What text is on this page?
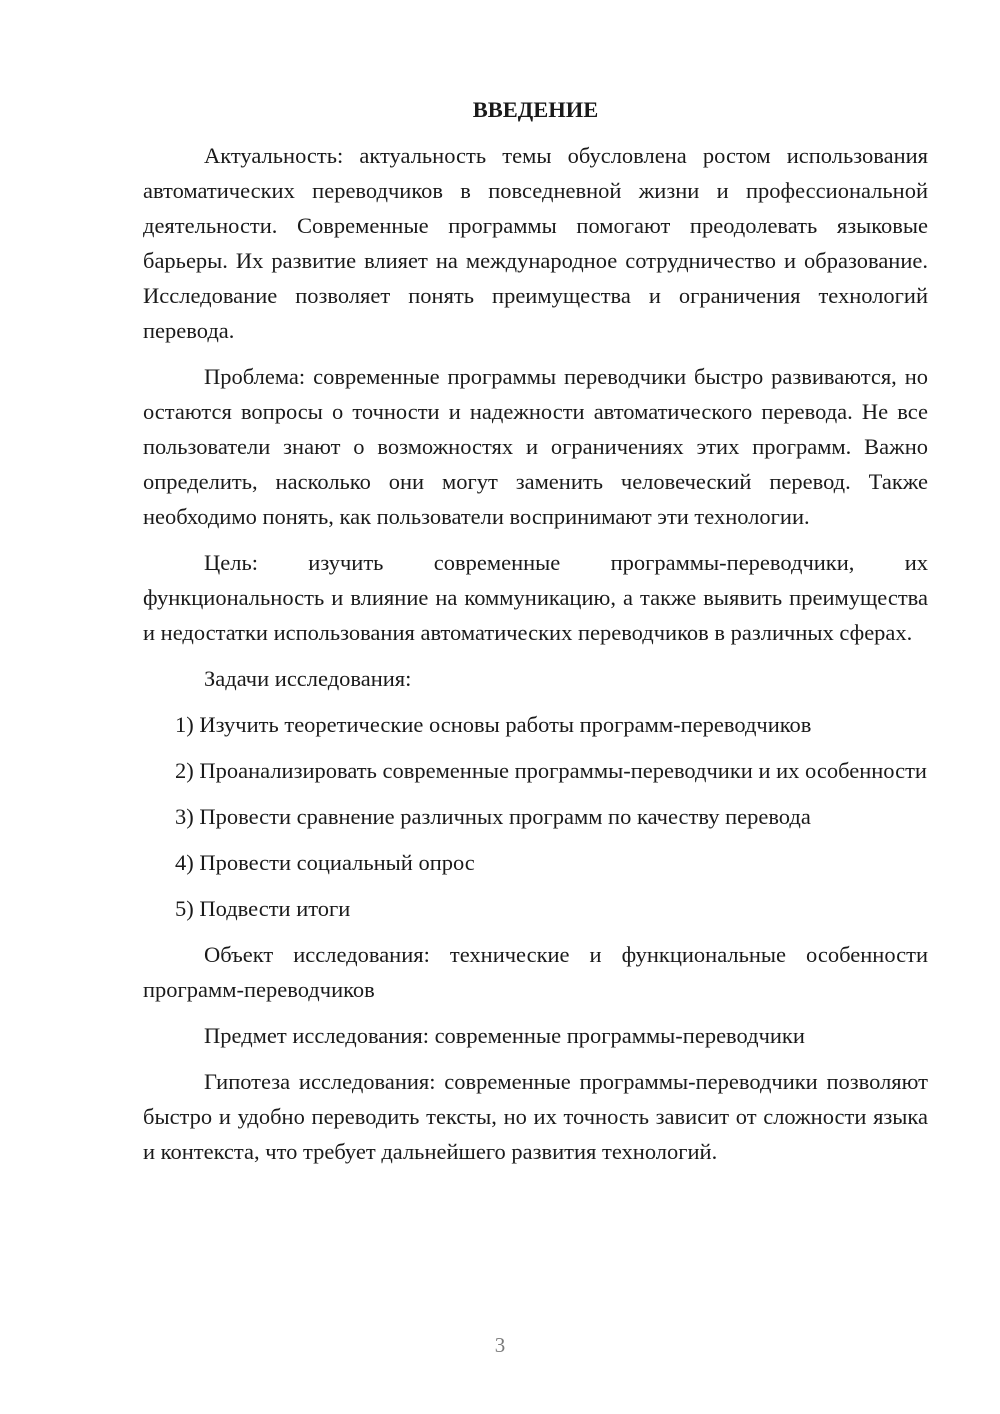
ВВЕДЕНИЕ

Актуальность: актуальность темы обусловлена ростом использования автоматических переводчиков в повседневной жизни и профессиональной деятельности. Современные программы помогают преодолевать языковые барьеры. Их развитие влияет на международное сотрудничество и образование. Исследование позволяет понять преимущества и ограничения технологий перевода.

Проблема: современные программы переводчики быстро развиваются, но остаются вопросы о точности и надежности автоматического перевода. Не все пользователи знают о возможностях и ограничениях этих программ. Важно определить, насколько они могут заменить человеческий перевод. Также необходимо понять, как пользователи воспринимают эти технологии.

Цель: изучить современные программы-переводчики, их функциональность и влияние на коммуникацию, а также выявить преимущества и недостатки использования автоматических переводчиков в различных сферах.

Задачи исследования:

1) Изучить теоретические основы работы программ-переводчиков

2) Проанализировать современные программы-переводчики и их особенности

3) Провести сравнение различных программ по качеству перевода

4) Провести социальный опрос

5) Подвести итоги

Объект исследования: технические и функциональные особенности программ-переводчиков

Предмет исследования: современные программы-переводчики

Гипотеза исследования: современные программы-переводчики позволяют быстро и удобно переводить тексты, но их точность зависит от сложности языка и контекста, что требует дальнейшего развития технологий.

3
